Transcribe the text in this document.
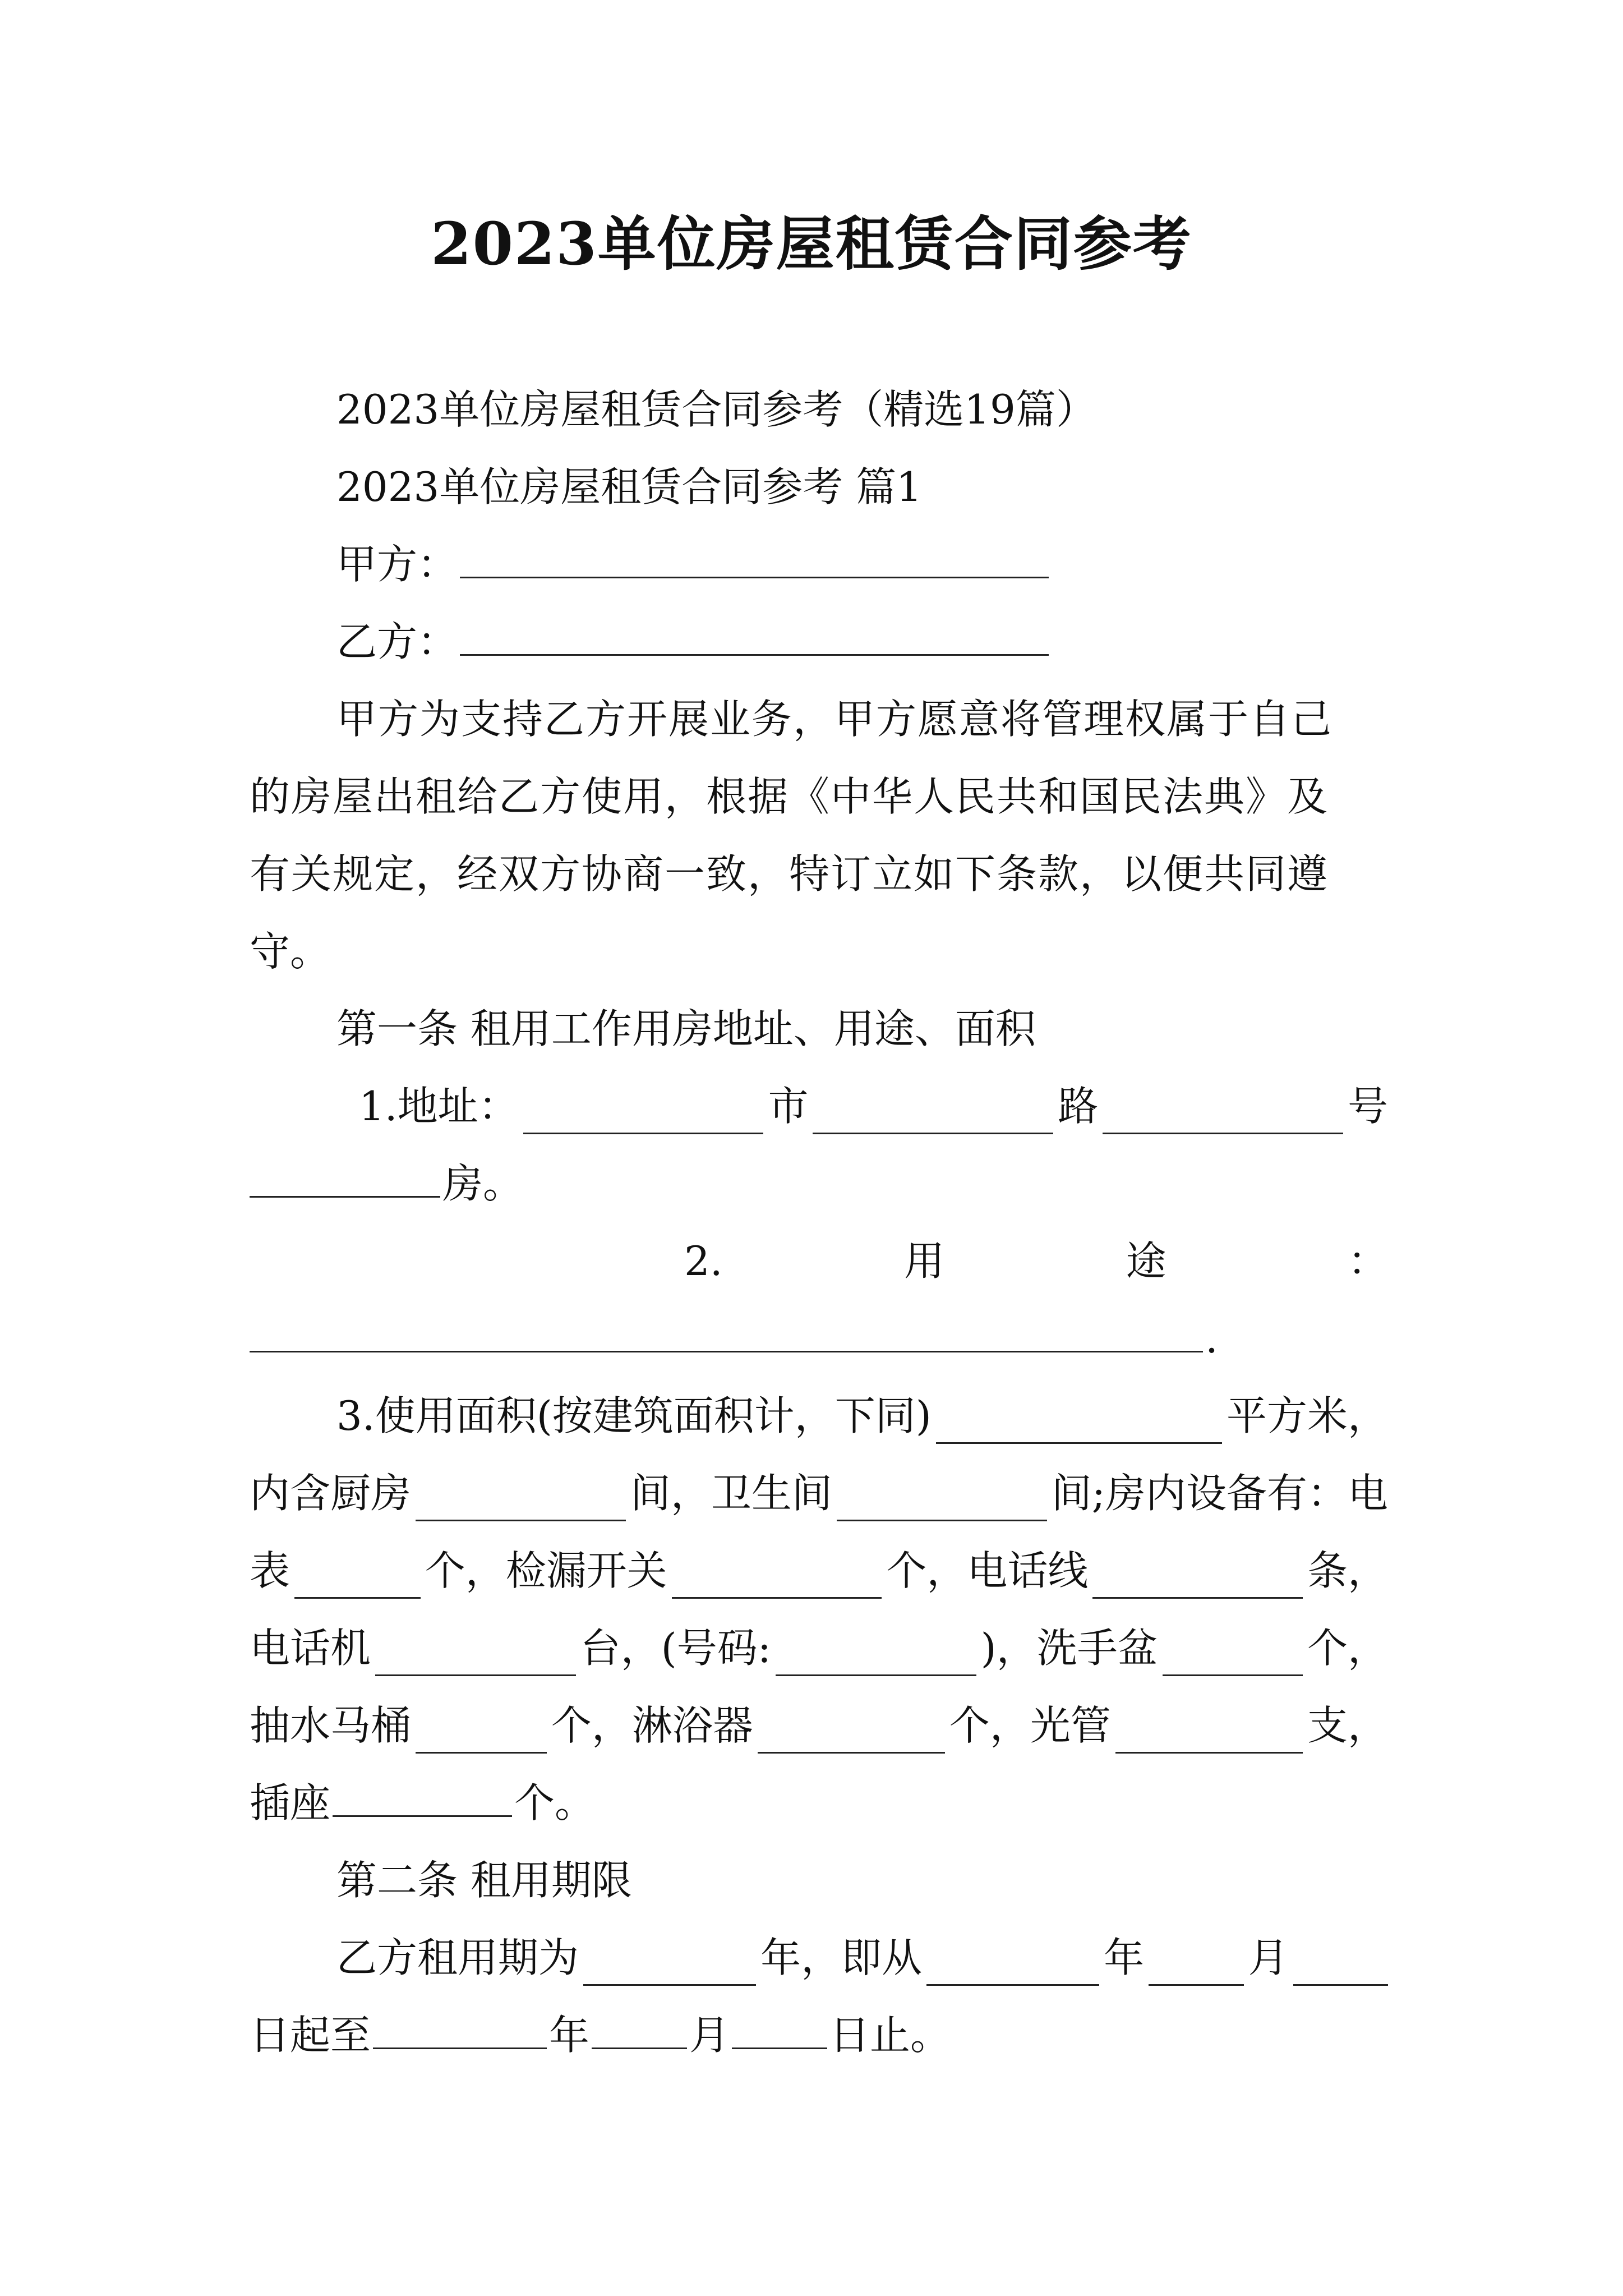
2023单位房屋租赁合同参考
2023单位房屋租赁合同参考（精选19篇）
2023单位房屋租赁合同参考 篇1
甲方：
乙方：
甲方为支持乙方开展业务，甲方愿意将管理权属于自己
的房屋出租给乙方使用，根据《中华人民共和国民法典》及
有关规定，经双方协商一致，特订立如下条款，以便共同遵
守。
第一条 租用工作用房地址、用途、面积
1.地址：	市	路	号
房。
2.	用	途	：
.
3.使用面积(按建筑面积计，下同)	平方米，
内含厨房	间，卫生间	间;房内设备有：电
表	个，检漏开关	个，电话线	条，
电话机	台，(号码:	)，洗手盆	个，
抽水马桶	个，淋浴器	个，光管	支，
插座	个。
第二条 租用期限
乙方租用期为	年，即从	年	月
日起至	年 月 日止。
